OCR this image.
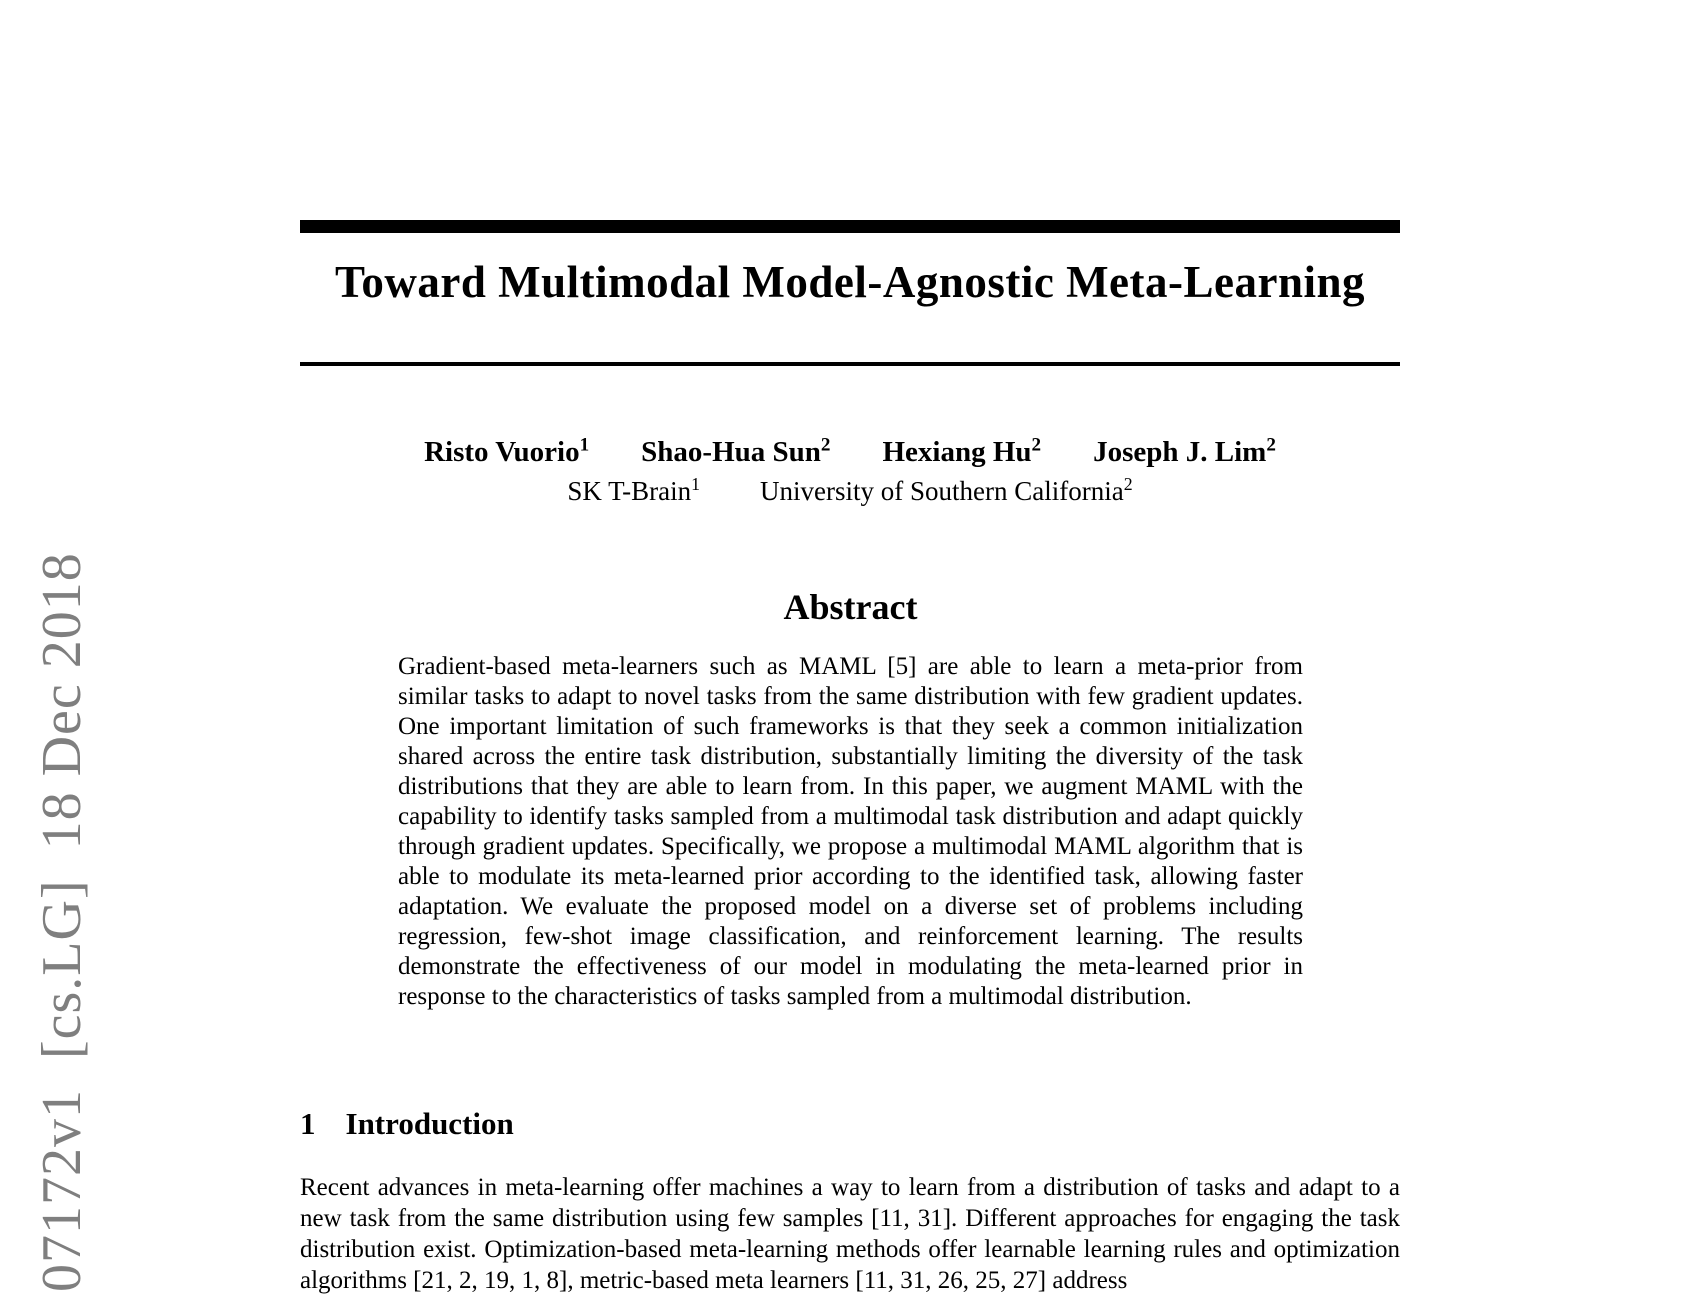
07172v1  [cs.LG]  18 Dec 2018
Toward Multimodal Model-Agnostic Meta-Learning
Risto Vuorio$^1$ Shao-Hua Sun$^2$ Hexiang Hu$^2$ Joseph J. Lim$^2$
SK T-Brain$^1$ University of Southern California$^2$
Abstract

Gradient-based meta-learners such as MAML [5] are able to learn a meta-prior from similar tasks to adapt to novel tasks from the same distribution with few gradient updates. One important limitation of such frameworks is that they seek a common initialization shared across the entire task distribution, substantially limiting the diversity of the task distributions that they are able to learn from. In this paper, we augment MAML with the capability to identify tasks sampled from a multimodal task distribution and adapt quickly through gradient updates. Specifically, we propose a multimodal MAML algorithm that is able to modulate its meta-learned prior according to the identified task, allowing faster adaptation. We evaluate the proposed model on a diverse set of problems including regression, few-shot image classification, and reinforcement learning. The results demonstrate the effectiveness of our model in modulating the meta-learned prior in response to the characteristics of tasks sampled from a multimodal distribution.

1 Introduction

Recent advances in meta-learning offer machines a way to learn from a distribution of tasks and adapt to a new task from the same distribution using few samples [11, 31]. Different approaches for engaging the task distribution exist. Optimization-based meta-learning methods offer learnable learning rules and optimization algorithms [21, 2, 19, 1, 8], metric-based meta learners [11, 31, 26, 25, 27] address
